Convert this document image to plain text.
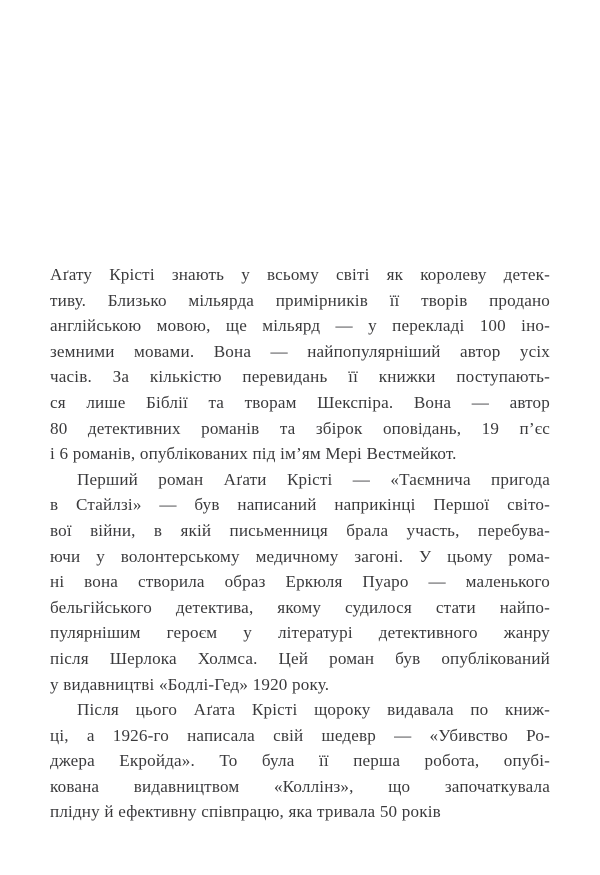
Аґату Крісті знають у всьому світі як королеву детек-
тиву. Близько мільярда примірників її творів продано
англійською мовою, ще мільярд — у перекладі 100 іно-
земними мовами. Вона — найпопулярніший автор усіх
часів. За кількістю перевидань її книжки поступають-
ся лише Біблії та творам Шекспіра. Вона — автор
80 детективних романів та збірок оповідань, 19 п’єс
і 6 романів, опублікованих під ім’ям Мері Вестмейкот.

Перший роман Аґати Крісті — «Таємнича пригода
в Стайлзі» — був написаний наприкінці Першої світо-
вої війни, в якій письменниця брала участь, перебува-
ючи у волонтерському медичному загоні. У цьому рома-
ні вона створила образ Еркюля Пуаро — маленького
бельгійського детектива, якому судилося стати найпо-
пулярнішим героєм у літературі детективного жанру
після Шерлока Холмса. Цей роман був опублікований
у видавництві «Бодлі-Гед» 1920 року.

Після цього Аґата Крісті щороку видавала по книж-
ці, а 1926-го написала свій шедевр — «Убивство Ро-
джера Екройда». То була її перша робота, опубі-
кована видавництвом «Коллінз», що започаткувала
плідну й ефективну співпрацю, яка тривала 50 років
